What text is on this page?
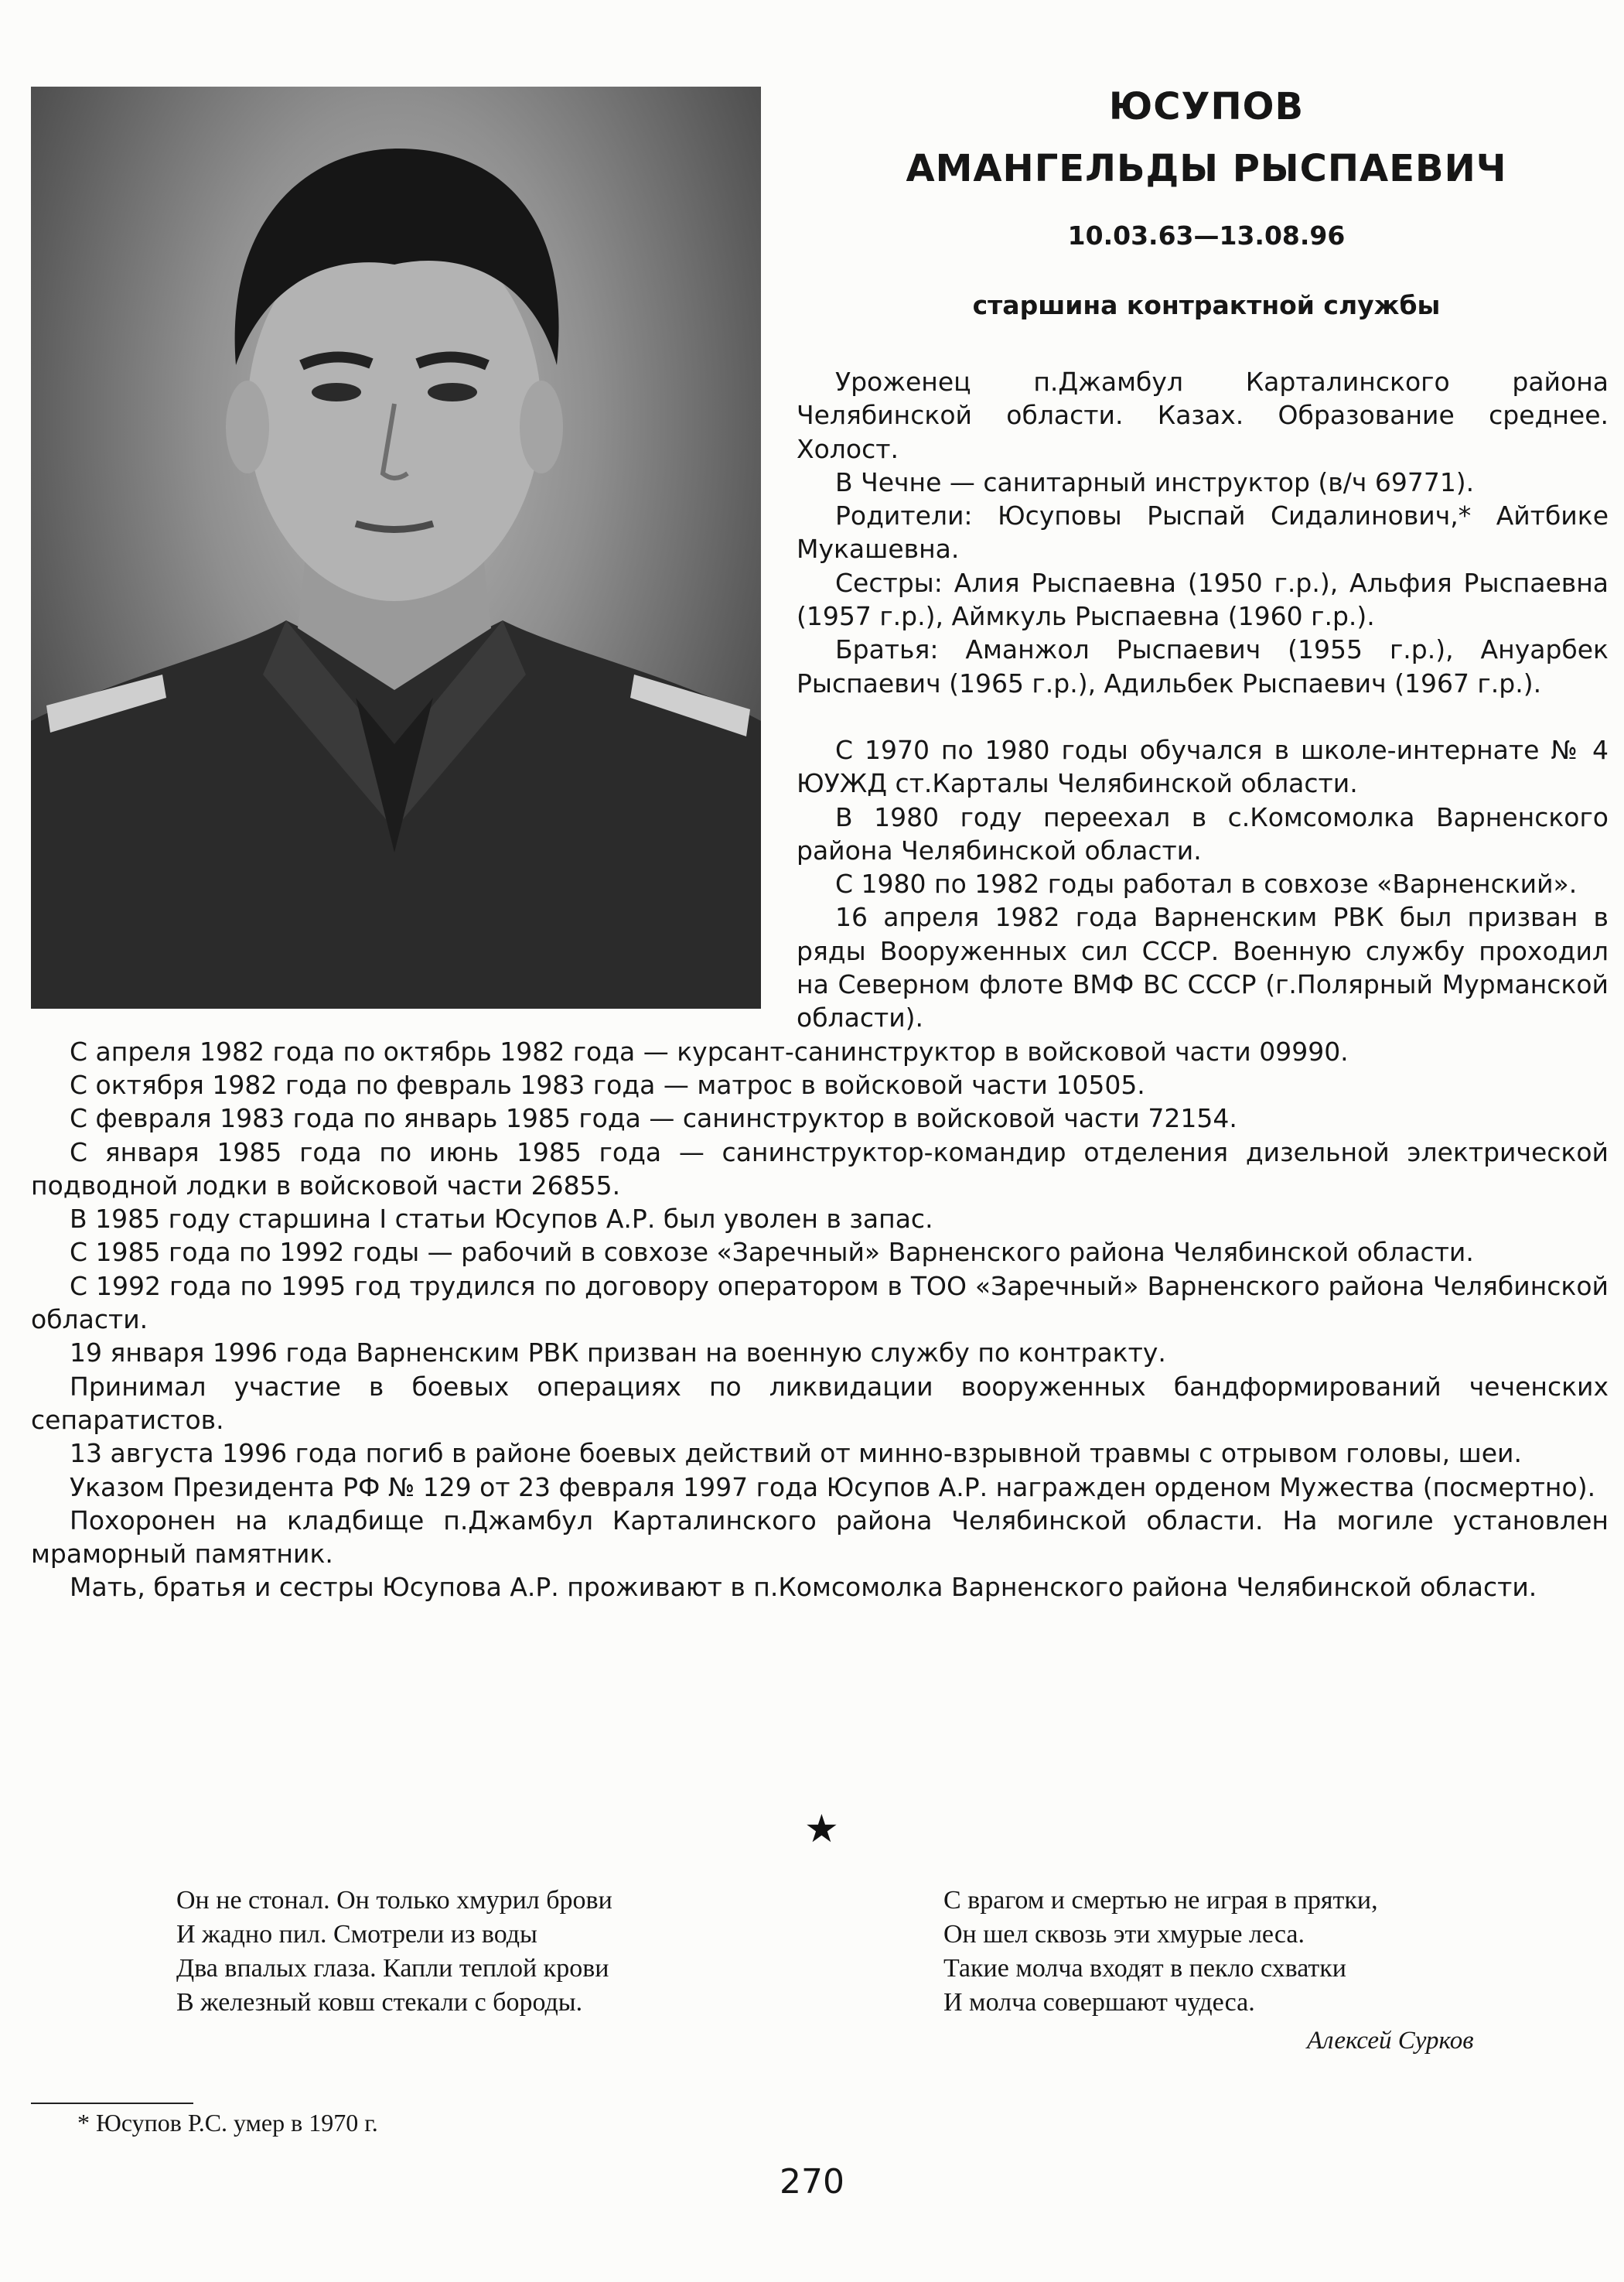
ЮСУПОВ
АМАНГЕЛЬДЫ РЫСПАЕВИЧ
10.03.63—13.08.96
старшина контрактной службы

Уроженец п.Джамбул Карталинского района Челябинской области. Казах. Образование среднее. Холост.

В Чечне — санитарный инструктор (в/ч 69771).

Родители: Юсуповы Рыспай Сидалинович,* Айтбике Мукашевна.

Сестры: Алия Рыспаевна (1950 г.р.), Альфия Рыспаевна (1957 г.р.), Аймкуль Рыспаевна (1960 г.р.).

Братья: Аманжол Рыспаевич (1955 г.р.), Ануарбек Рыспаевич (1965 г.р.), Адильбек Рыспаевич (1967 г.р.).

С 1970 по 1980 годы обучался в школе-интернате № 4 ЮУЖД ст.Карталы Челябинской области.

В 1980 году переехал в с.Комсомолка Варненского района Челябинской области.

С 1980 по 1982 годы работал в совхозе «Варненский».

16 апреля 1982 года Варненским РВК был призван в ряды Вооруженных сил СССР. Военную службу проходил на Северном флоте ВМФ ВС СССР (г.Полярный Мурманской области).

С апреля 1982 года по октябрь 1982 года — курсант-санинструктор в войсковой части 09990.

С октября 1982 года по февраль 1983 года — матрос в войсковой части 10505.

С февраля 1983 года по январь 1985 года — санинструктор в войсковой части 72154.

С января 1985 года по июнь 1985 года — санинструктор-командир отделения дизельной электрической подводной лодки в войсковой части 26855.

В 1985 году старшина I статьи Юсупов А.Р. был уволен в запас.

С 1985 года по 1992 годы — рабочий в совхозе «Заречный» Варненского района Челябинской области.

С 1992 года по 1995 год трудился по договору оператором в ТОО «Заречный» Варненского района Челябинской области.

19 января 1996 года Варненским РВК призван на военную службу по контракту.

Принимал участие в боевых операциях по ликвидации вооруженных бандформирований чеченских сепаратистов.

13 августа 1996 года погиб в районе боевых действий от минно-взрывной травмы с отрывом головы, шеи.

Указом Президента РФ № 129 от 23 февраля 1997 года Юсупов А.Р. награжден орденом Мужества (посмертно).

Похоронен на кладбище п.Джамбул Карталинского района Челябинской области. На могиле установлен мраморный памятник.

Мать, братья и сестры Юсупова А.Р. проживают в п.Комсомолка Варненского района Челябинской области.

★
Он не стонал. Он только хмурил брови
И жадно пил. Смотрели из воды
Два впалых глаза. Капли теплой крови
В железный ковш стекали с бороды.
С врагом и смертью не играя в прятки,
Он шел сквозь эти хмурые леса.
Такие молча входят в пекло схватки
И молча совершают чудеса.
Алексей Сурков
* Юсупов Р.С. умер в 1970 г.
270
